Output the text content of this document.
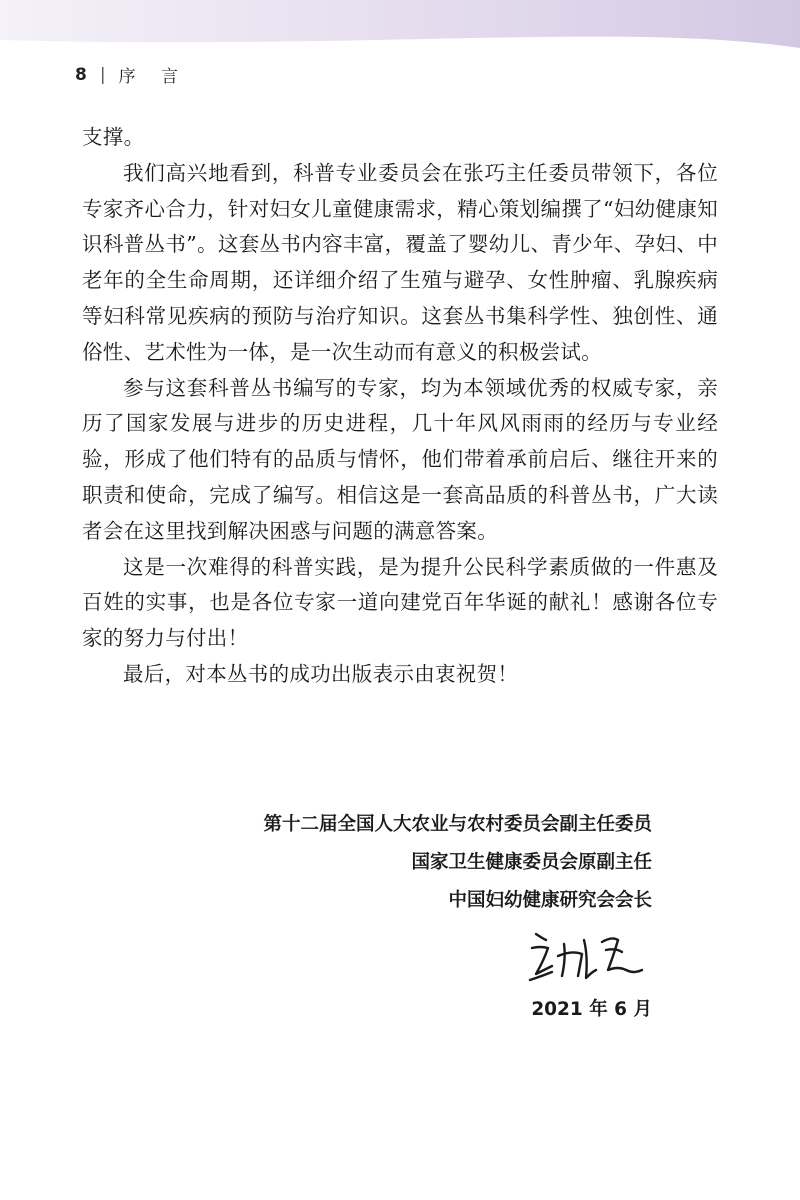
8 | 序 言

支撑。

我们高兴地看到，科普专业委员会在张巧主任委员带领下，各位专家齐心合力，针对妇女儿童健康需求，精心策划编撰了“妇幼健康知识科普丛书”。这套丛书内容丰富，覆盖了婴幼儿、青少年、孕妇、中老年的全生命周期，还详细介绍了生殖与避孕、女性肿瘤、乳腺疾病等妇科常见疾病的预防与治疗知识。这套丛书集科学性、独创性、通俗性、艺术性为一体，是一次生动而有意义的积极尝试。

参与这套科普丛书编写的专家，均为本领域优秀的权威专家，亲历了国家发展与进步的历史进程，几十年风风雨雨的经历与专业经验，形成了他们特有的品质与情怀，他们带着承前启后、继往开来的职责和使命，完成了编写。相信这是一套高品质的科普丛书，广大读者会在这里找到解决困惑与问题的满意答案。

这是一次难得的科普实践，是为提升公民科学素质做的一件惠及百姓的实事，也是各位专家一道向建党百年华诞的献礼！感谢各位专家的努力与付出！

最后，对本丛书的成功出版表示由衷祝贺！

第十二届全国人大农业与农村委员会副主任委员
国家卫生健康委员会原副主任
中国妇幼健康研究会会长
2021 年 6 月
